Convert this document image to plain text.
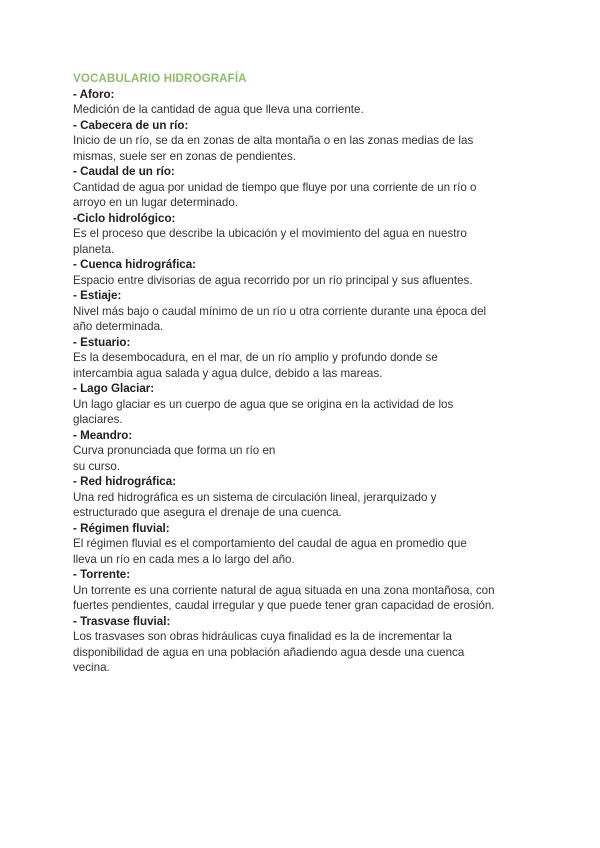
VOCABULARIO HIDROGRAFÍA
- Aforo:
Medición de la cantidad de agua que lleva una corriente.
- Cabecera de un río:
Inicio de un río, se da en zonas de alta montaña o en las zonas medias de las
mismas, suele ser en zonas de pendientes.
- Caudal de un río:
Cantidad de agua por unidad de tiempo que fluye por una corriente de un río o
arroyo en un lugar determinado.
-Ciclo hidrológico:
Es el proceso que describe la ubicación y el movimiento del agua en nuestro
planeta.
- Cuenca hidrográfica:
Espacio entre divisorias de agua recorrido por un río principal y sus afluentes.
- Estiaje:
Nivel más bajo o caudal mínimo de un río u otra corriente durante una época del
año determinada.
- Estuario:
Es la desembocadura, en el mar, de un río amplio y profundo donde se
intercambia agua salada y agua dulce, debido a las mareas.
- Lago Glaciar:
Un lago glaciar es un cuerpo de agua que se origina en la actividad de los
glaciares.
- Meandro:
Curva pronunciada que forma un río en
su curso.
- Red hidrográfica:
Una red hidrográfica es un sistema de circulación lineal, jerarquizado y
estructurado que asegura el drenaje de una cuenca.
- Régimen fluvial:
El régimen fluvial es el comportamiento del caudal de agua en promedio que
lleva un río en cada mes a lo largo del año.
- Torrente:
Un torrente es una corriente natural de agua situada en una zona montañosa, con
fuertes pendientes, caudal irregular y que puede tener gran capacidad de erosión.
- Trasvase fluvial:
Los trasvases son obras hidráulicas cuya finalidad es la de incrementar la
disponibilidad de agua en una población añadiendo agua desde una cuenca
vecina.
